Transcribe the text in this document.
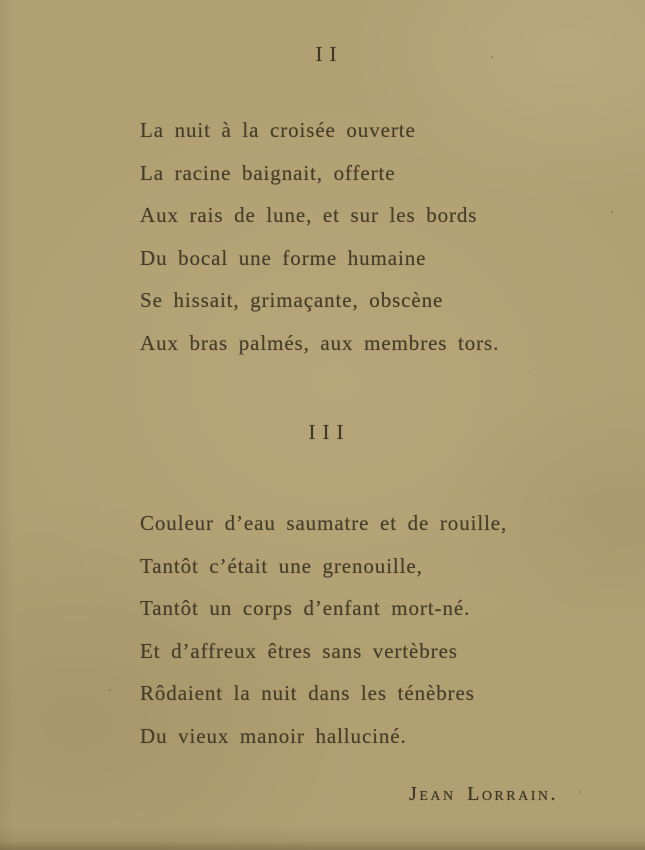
II
La nuit à la croisée ouverte
La racine baignait, offerte
Aux rais de lune, et sur les bords
Du bocal une forme humaine
Se hissait, grimaçante, obscène
Aux bras palmés, aux membres tors.
III
Couleur d’eau saumatre et de rouille,
Tantôt c’était une grenouille,
Tantôt un corps d’enfant mort-né.
Et d’affreux êtres sans vertèbres
Rôdaient la nuit dans les ténèbres
Du vieux manoir halluciné.
Jean Lorrain.
